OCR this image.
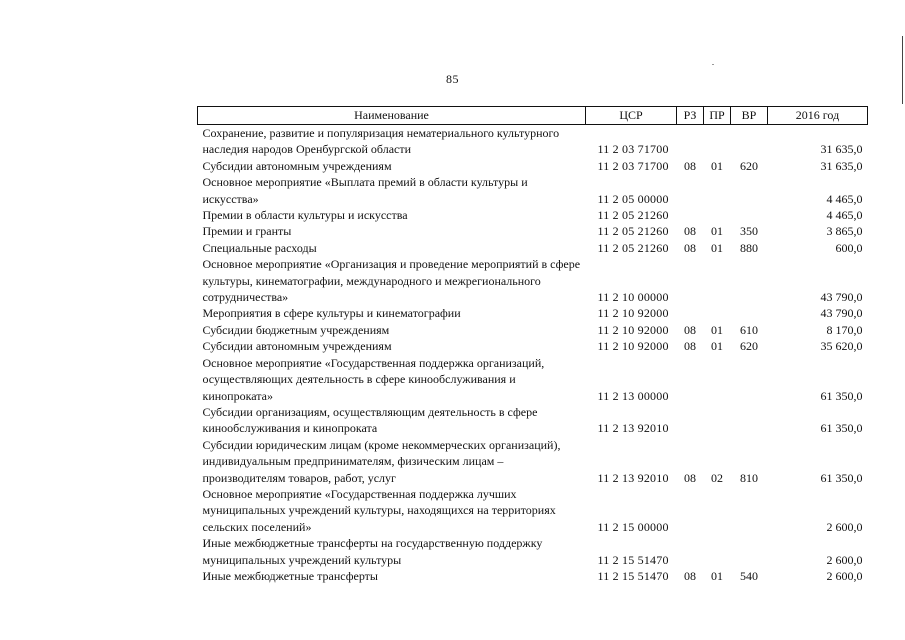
85
Наименование	ЦСР	РЗ	ПР	ВР	2016 год
Сохранение, развитие и популяризация нематериального культурного наследия народов Оренбургской области	11 2 03 71700				31 635,0
Субсидии автономным учреждениям	11 2 03 71700	08	01	620	31 635,0
Основное мероприятие «Выплата премий в области культуры и искусства»	11 2 05 00000				4 465,0
Премии в области культуры и искусства	11 2 05 21260				4 465,0
Премии и гранты	11 2 05 21260	08	01	350	3 865,0
Специальные расходы	11 2 05 21260	08	01	880	600,0
Основное мероприятие «Организация и проведение мероприятий в сфере культуры, кинематографии, международного и межрегионального сотрудничества»	11 2 10 00000				43 790,0
Мероприятия в сфере культуры и кинематографии	11 2 10 92000				43 790,0
Субсидии бюджетным учреждениям	11 2 10 92000	08	01	610	8 170,0
Субсидии автономным учреждениям	11 2 10 92000	08	01	620	35 620,0
Основное мероприятие «Государственная поддержка организаций, осуществляющих деятельность в сфере кинообслуживания и кинопроката»	11 2 13 00000				61 350,0
Субсидии организациям, осуществляющим деятельность в сфере кинообслуживания и кинопроката	11 2 13 92010				61 350,0
Субсидии юридическим лицам (кроме некоммерческих организаций), индивидуальным предпринимателям, физическим лицам – производителям товаров, работ, услуг	11 2 13 92010	08	02	810	61 350,0
Основное мероприятие «Государственная поддержка лучших муниципальных учреждений культуры, находящихся на территориях сельских поселений»	11 2 15 00000				2 600,0
Иные межбюджетные трансферты на государственную поддержку муниципальных учреждений культуры	11 2 15 51470				2 600,0
Иные межбюджетные трансферты	11 2 15 51470	08	01	540	2 600,0
